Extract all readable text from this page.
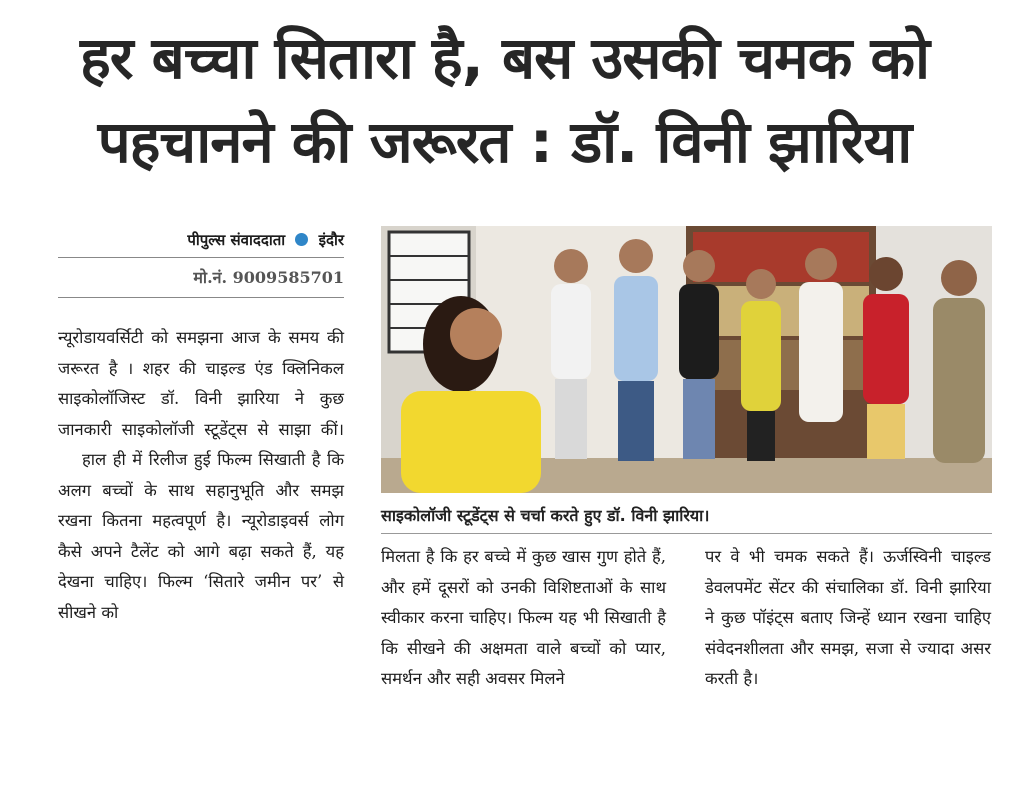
हर बच्चा सितारा है, बस उसकी चमक को
पहचानने की जरूरत : डॉ. विनी झारिया
पीपुल्स संवाददाता इंदौर
मो.नं. 9009585701

न्यूरोडायवर्सिटी को समझना आज के समय की जरूरत है । शहर की चाइल्ड एंड क्लिनिकल साइकोलॉजिस्ट डॉ. विनी झारिया ने कुछ जानकारी साइकोलॉजी स्टूडेंट्स से साझा कीं।

हाल ही में रिलीज हुई फिल्म सिखाती है कि अलग बच्चों के साथ सहानुभूति और समझ रखना कितना महत्वपूर्ण है। न्यूरोडाइवर्स लोग कैसे अपने टैलेंट को आगे बढ़ा सकते हैं, यह देखना चाहिए। फिल्म ‘सितारे जमीन पर’ से सीखने को

साइकोलॉजी स्टूडेंट्स से चर्चा करते हुए डॉ. विनी झारिया।

मिलता है कि हर बच्चे में कुछ खास गुण होते हैं, और हमें दूसरों को उनकी विशिष्टताओं के साथ स्वीकार करना चाहिए। फिल्म यह भी सिखाती है कि सीखने की अक्षमता वाले बच्चों को प्यार, समर्थन और सही अवसर मिलने

पर वे भी चमक सकते हैं। ऊर्जस्विनी चाइल्ड डेवलपमेंट सेंटर की संचालिका डॉ. विनी झारिया ने कुछ पॉइंट्स बताए जिन्हें ध्यान रखना चाहिए संवेदनशीलता और समझ, सजा से ज्यादा असर करती है।
